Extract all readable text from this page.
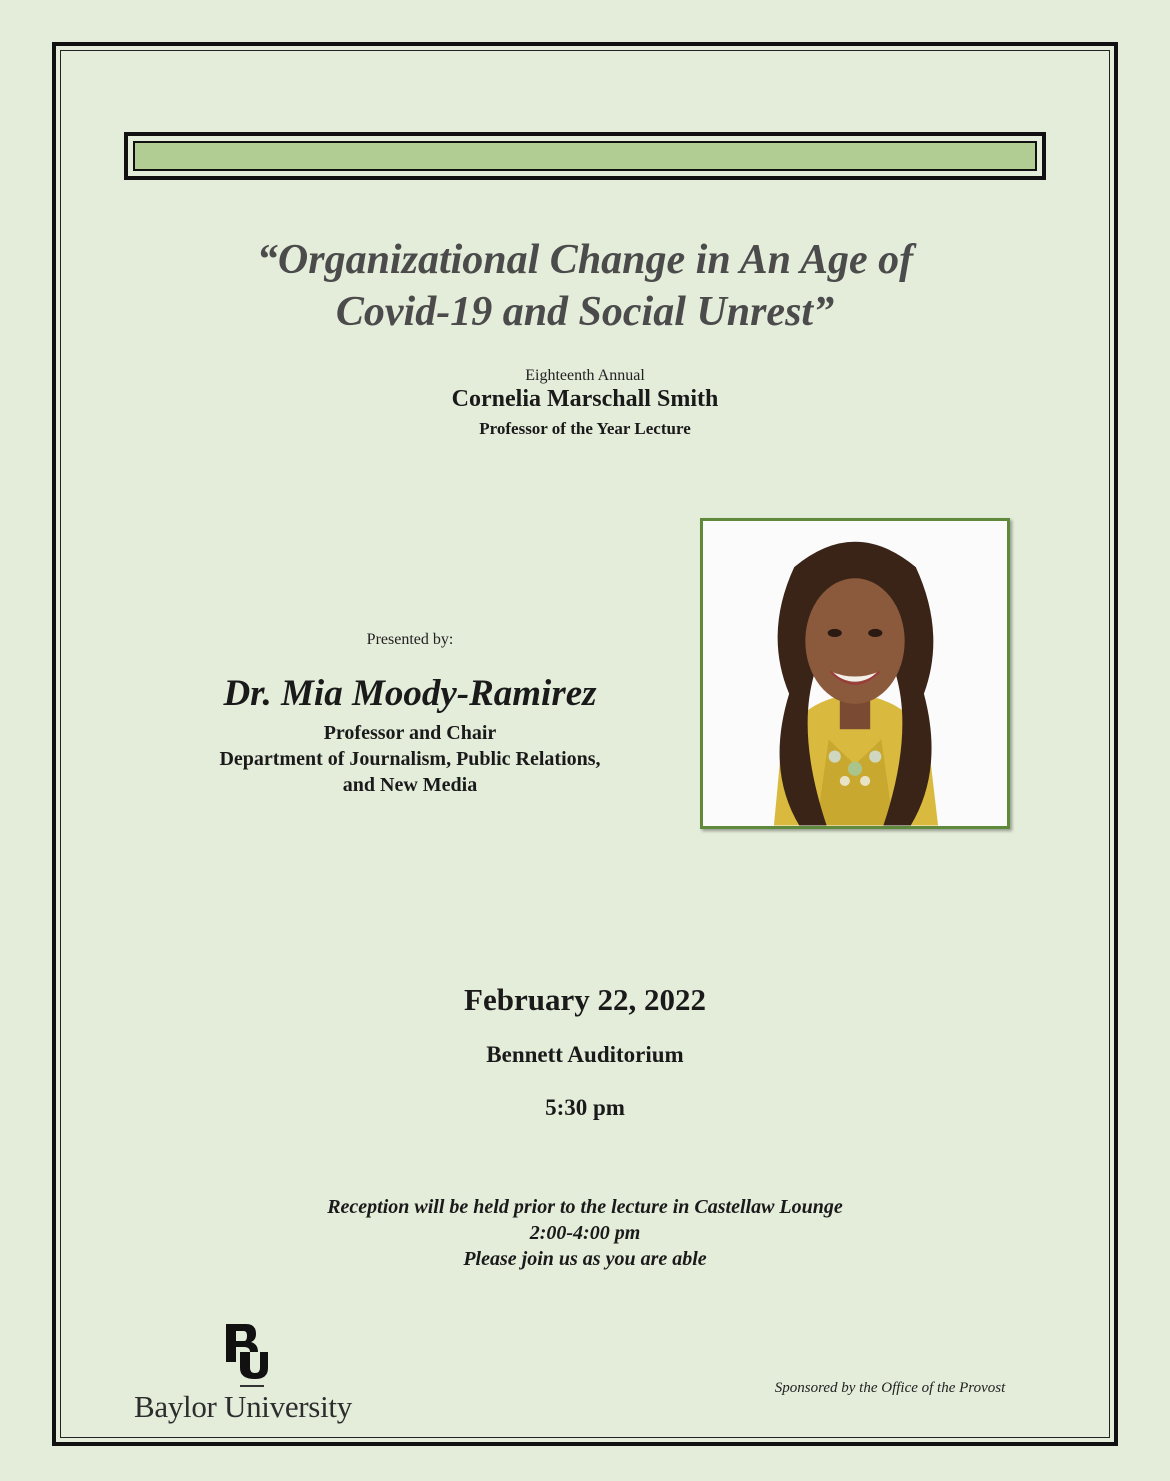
“Organizational Change in An Age of
Covid-19 and Social Unrest”
Eighteenth Annual
Cornelia Marschall Smith
Professor of the Year Lecture
Presented by:
Dr. Mia Moody-Ramirez
Professor and Chair
Department of Journalism, Public Relations,
and New Media
February 22, 2022
Bennett Auditorium
5:30 pm
Reception will be held prior to the lecture in Castellaw Lounge
2:00-4:00 pm
Please join us as you are able
Baylor University
Sponsored by the Office of the Provost
